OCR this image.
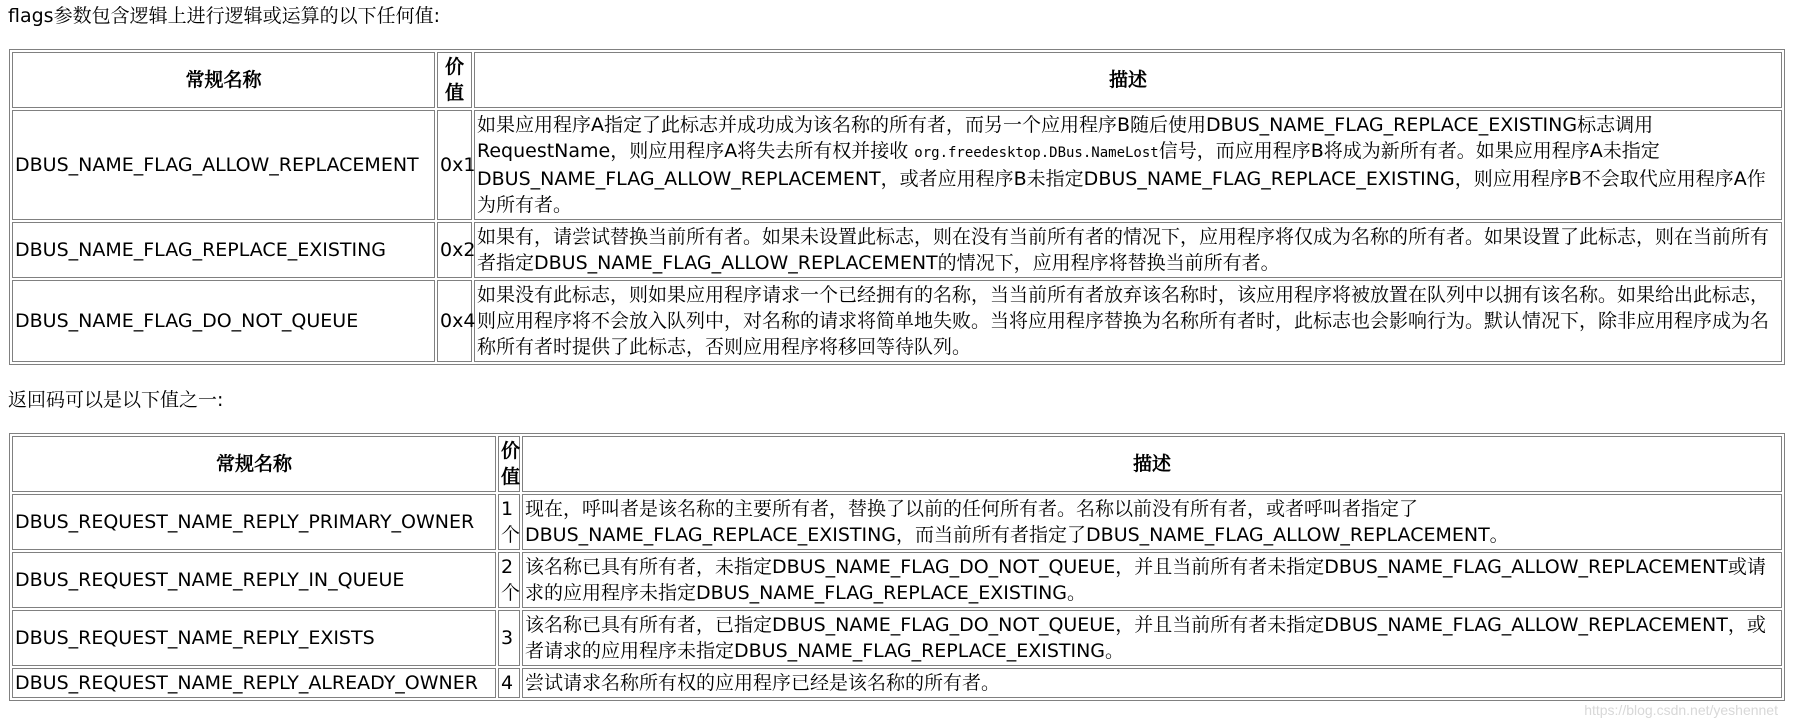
flags参数包含逻辑上进行逻辑或运算的以下任何值:

常规名称	价值	描述
DBUS_NAME_FLAG_ALLOW_REPLACEMENT	0x1	如果应用程序A指定了此标志并成功成为该名称的所有者，而另一个应用程序B随后使用DBUS_NAME_FLAG_REPLACE_EXISTING标志调用RequestName，则应用程序A将失去所有权并接收 org.freedesktop.DBus.NameLost信号，而应用程序B将成为新所有者。如果应用程序A未指定DBUS_NAME_FLAG_ALLOW_REPLACEMENT，或者应用程序B未指定DBUS_NAME_FLAG_REPLACE_EXISTING，则应用程序B不会取代应用程序A作为所有者。
DBUS_NAME_FLAG_REPLACE_EXISTING	0x2	如果有，请尝试替换当前所有者。如果未设置此标志，则在没有当前所有者的情况下，应用程序将仅成为名称的所有者。如果设置了此标志，则在当前所有者指定DBUS_NAME_FLAG_ALLOW_REPLACEMENT的情况下，应用程序将替换当前所有者。
DBUS_NAME_FLAG_DO_NOT_QUEUE	0x4	如果没有此标志，则如果应用程序请求一个已经拥有的名称，当当前所有者放弃该名称时，该应用程序将被放置在队列中以拥有该名称。如果给出此标志，则应用程序将不会放入队列中，对名称的请求将简单地失败。当将应用程序替换为名称所有者时，此标志也会影响行为。默认情况下，除非应用程序成为名称所有者时提供了此标志，否则应用程序将移回等待队列。

返回码可以是以下值之一:

常规名称	价值	描述
DBUS_REQUEST_NAME_REPLY_PRIMARY_OWNER	1个	现在，呼叫者是该名称的主要所有者，替换了以前的任何所有者。名称以前没有所有者，或者呼叫者指定了DBUS_NAME_FLAG_REPLACE_EXISTING，而当前所有者指定了DBUS_NAME_FLAG_ALLOW_REPLACEMENT。
DBUS_REQUEST_NAME_REPLY_IN_QUEUE	2个	该名称已具有所有者，未指定DBUS_NAME_FLAG_DO_NOT_QUEUE，并且当前所有者未指定DBUS_NAME_FLAG_ALLOW_REPLACEMENT或请求的应用程序未指定DBUS_NAME_FLAG_REPLACE_EXISTING。
DBUS_REQUEST_NAME_REPLY_EXISTS	3	该名称已具有所有者，已指定DBUS_NAME_FLAG_DO_NOT_QUEUE，并且当前所有者未指定DBUS_NAME_FLAG_ALLOW_REPLACEMENT，或者请求的应用程序未指定DBUS_NAME_FLAG_REPLACE_EXISTING。
DBUS_REQUEST_NAME_REPLY_ALREADY_OWNER	4	尝试请求名称所有权的应用程序已经是该名称的所有者。
https://blog.csdn.net/yeshennet
